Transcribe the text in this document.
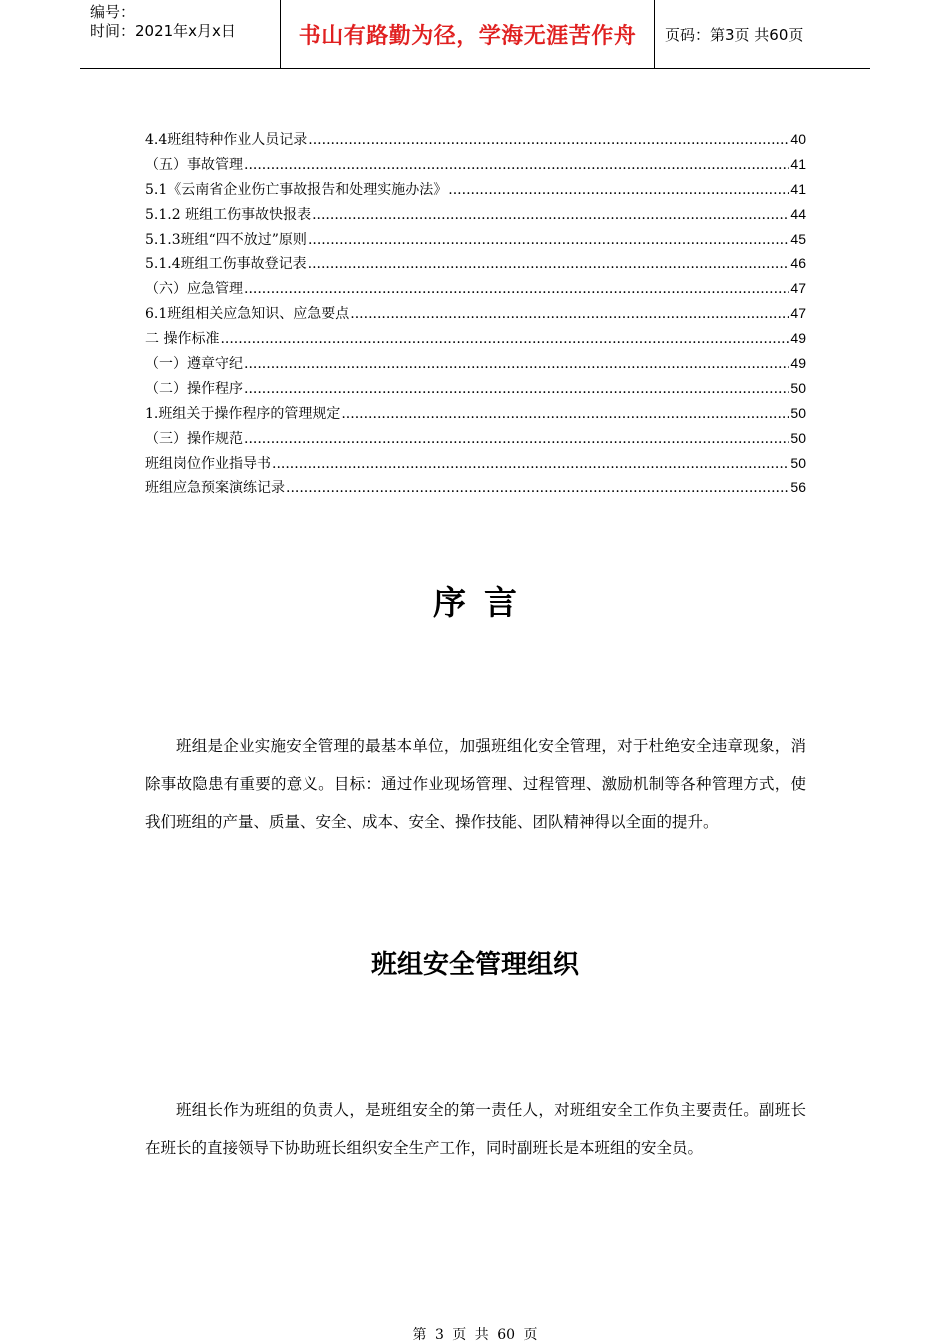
编号：
时间：2021年x月x日	书山有路勤为径，学海无涯苦作舟 页码：第3页 共60页
4.4班组特种作业人员记录 .....	40
（五）事故管理 .....	41
5.1《云南省企业伤亡事故报告和处理实施办法》 .....	41
5.1.2 班组工伤事故快报表 .....	44
5.1.3班组“四不放过”原则 .....	45
5.1.4班组工伤事故登记表 .....	46
（六）应急管理 .....	47
6.1班组相关应急知识、应急要点 .....	47
二 操作标准 .....	49
（一）遵章守纪 .....	49
（二）操作程序 .....	50
1.班组关于操作程序的管理规定 .....	50
（三）操作规范 .....	50
班组岗位作业指导书 .....	50
班组应急预案演练记录 .....	56
序言

班组是企业实施安全管理的最基本单位，加强班组化安全管理，对于杜绝安全违章现象，消除事故隐患有重要的意义。目标：通过作业现场管理、过程管理、激励机制等各种管理方式，使我们班组的产量、质量、安全、成本、安全、操作技能、团队精神得以全面的提升。

班组安全管理组织

班组长作为班组的负责人，是班组安全的第一责任人，对班组安全工作负主要责任。副班长在班长的直接领导下协助班长组织安全生产工作，同时副班长是本班组的安全员。

第 3 页 共 60 页
